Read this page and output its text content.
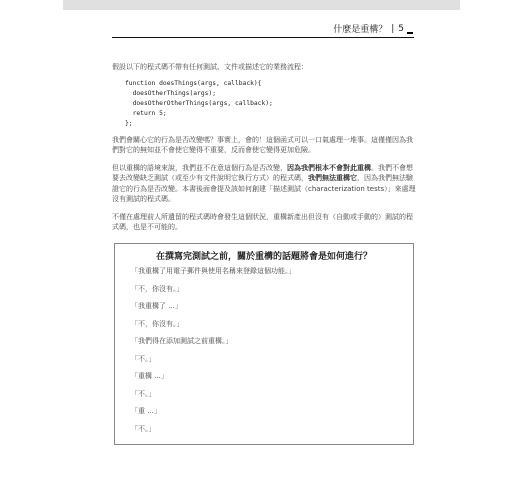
什麼是重構？ | 5

假設以下的程式碼不帶有任何測試、文件或描述它的業務流程：

function doesThings(args, callback){
doesOtherThings(args);
doesOtherOtherThings(args, callback);
return 5;
};

我們會關心它的行為是否改變嗎？事實上，會的！這個函式可以一口氣處理一堆事。這僅僅因為我們對它的無知並不會使它變得不重要，反而會使它變得更加危險。

但以重構的語境來說，我們並不在意這個行為是否改變，因為我們根本不會對此重構。我們不會想要去改變缺乏測試（或至少有文件說明它執行方式）的程式碼，我們無法重構它，因為我們無法驗證它的行為是否改變。本書後面會提及該如何創建「描述測試（characterization tests）」來處理沒有測試的程式碼。

不僅在處理前人所遺留的程式碼時會發生這個狀況，重構新產出但沒有（自動或手動的）測試的程式碼，也是不可能的。

在撰寫完測試之前，關於重構的話題將會是如何進行？
「我重構了用電子郵件與使用名稱來登錄這個功能。」
「不，你沒有。」
「我重構了 ...」
「不，你沒有。」
「我們得在添加測試之前重構。」
「不。」
「重構 ...」
「不。」
「重 ...」
「不。」
